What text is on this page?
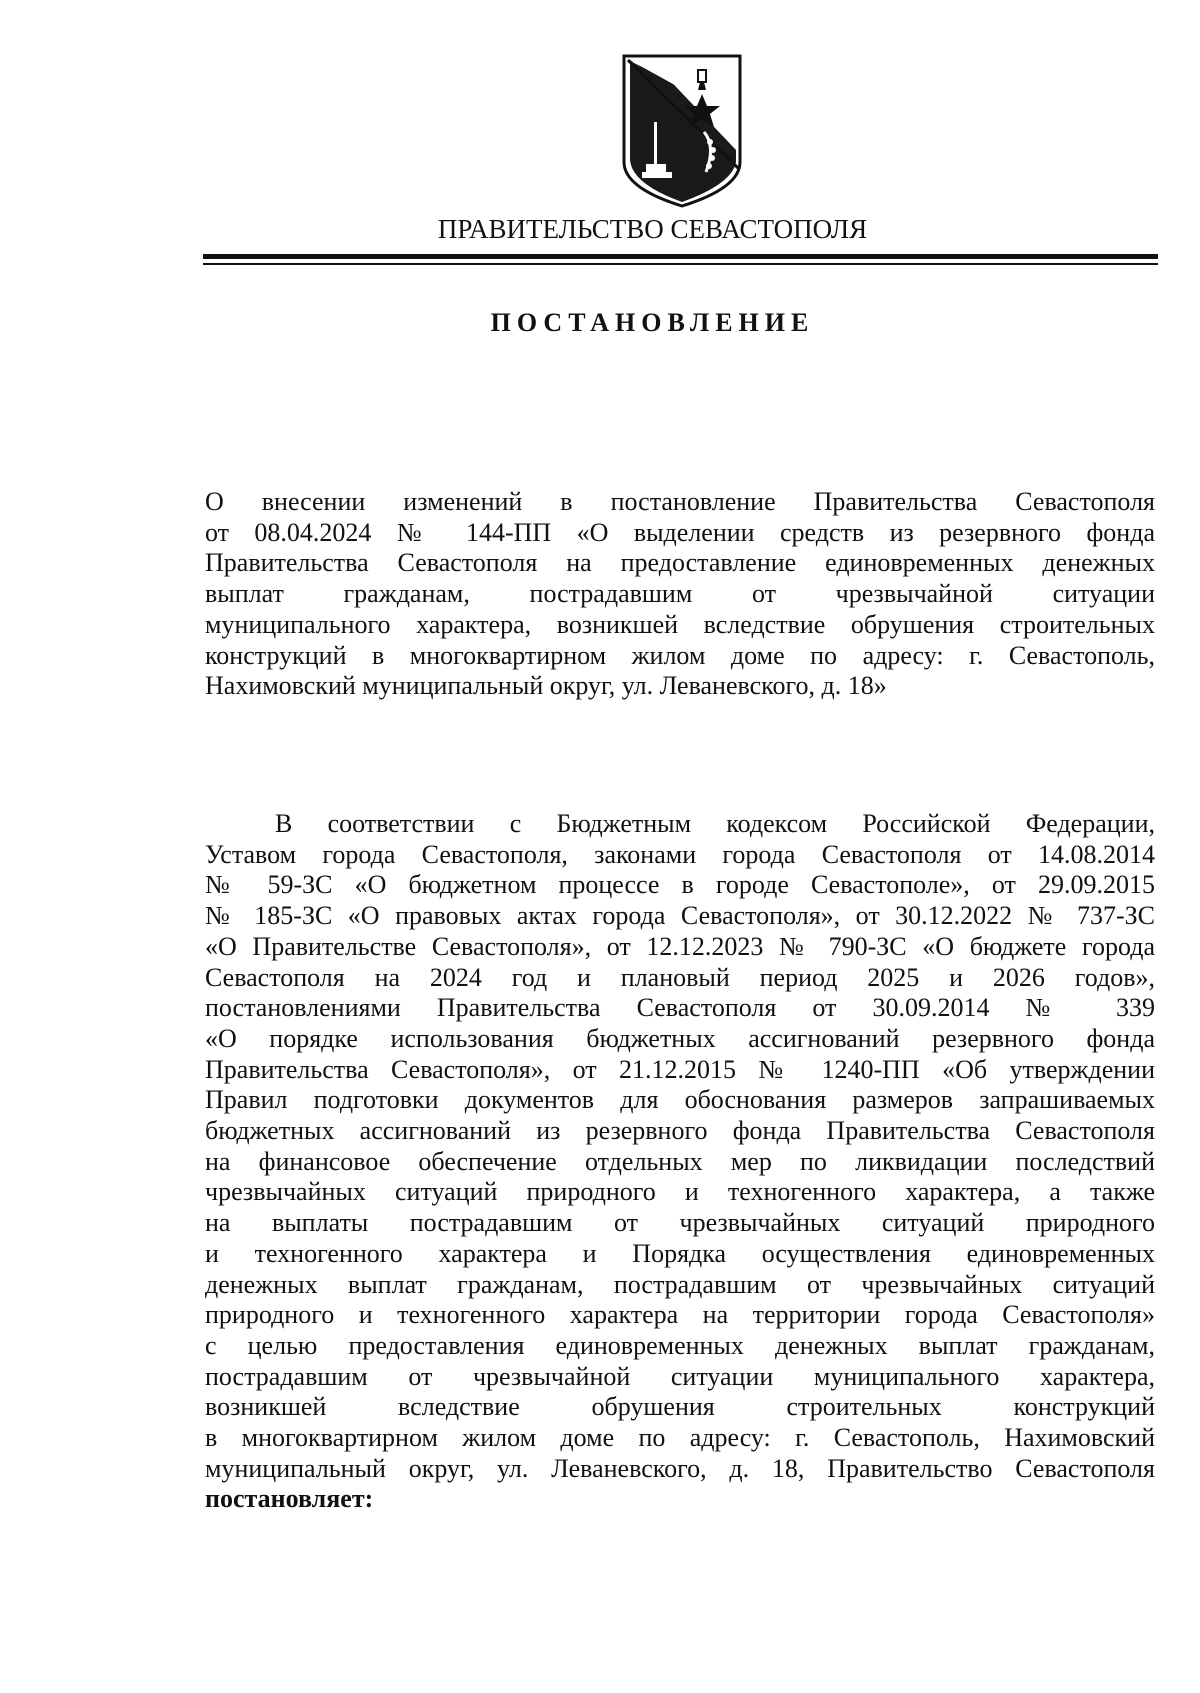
ПРАВИТЕЛЬСТВО СЕВАСТОПОЛЯ
ПОСТАНОВЛЕНИЕ
О внесении изменений в постановление Правительства Севастополя
от 08.04.2024 № 144-ПП «О выделении средств из резервного фонда
Правительства Севастополя на предоставление единовременных денежных
выплат гражданам, пострадавшим от чрезвычайной ситуации
муниципального характера, возникшей вследствие обрушения строительных
конструкций в многоквартирном жилом доме по адресу: г. Севастополь,
Нахимовский муниципальный округ, ул. Леваневского, д. 18»
В соответствии с Бюджетным кодексом Российской Федерации,
Уставом города Севастополя, законами города Севастополя от 14.08.2014
№ 59-ЗС «О бюджетном процессе в городе Севастополе», от 29.09.2015
№ 185-ЗС «О правовых актах города Севастополя», от 30.12.2022 № 737-ЗС
«О Правительстве Севастополя», от 12.12.2023 № 790-ЗС «О бюджете города
Севастополя на 2024 год и плановый период 2025 и 2026 годов»,
постановлениями Правительства Севастополя от 30.09.2014 № 339
«О порядке использования бюджетных ассигнований резервного фонда
Правительства Севастополя», от 21.12.2015 № 1240-ПП «Об утверждении
Правил подготовки документов для обоснования размеров запрашиваемых
бюджетных ассигнований из резервного фонда Правительства Севастополя
на финансовое обеспечение отдельных мер по ликвидации последствий
чрезвычайных ситуаций природного и техногенного характера, а также
на выплаты пострадавшим от чрезвычайных ситуаций природного
и техногенного характера и Порядка осуществления единовременных
денежных выплат гражданам, пострадавшим от чрезвычайных ситуаций
природного и техногенного характера на территории города Севастополя»
с целью предоставления единовременных денежных выплат гражданам,
пострадавшим от чрезвычайной ситуации муниципального характера,
возникшей вследствие обрушения строительных конструкций
в многоквартирном жилом доме по адресу: г. Севастополь, Нахимовский
муниципальный округ, ул. Леваневского, д. 18, Правительство Севастополя
постановляет:
